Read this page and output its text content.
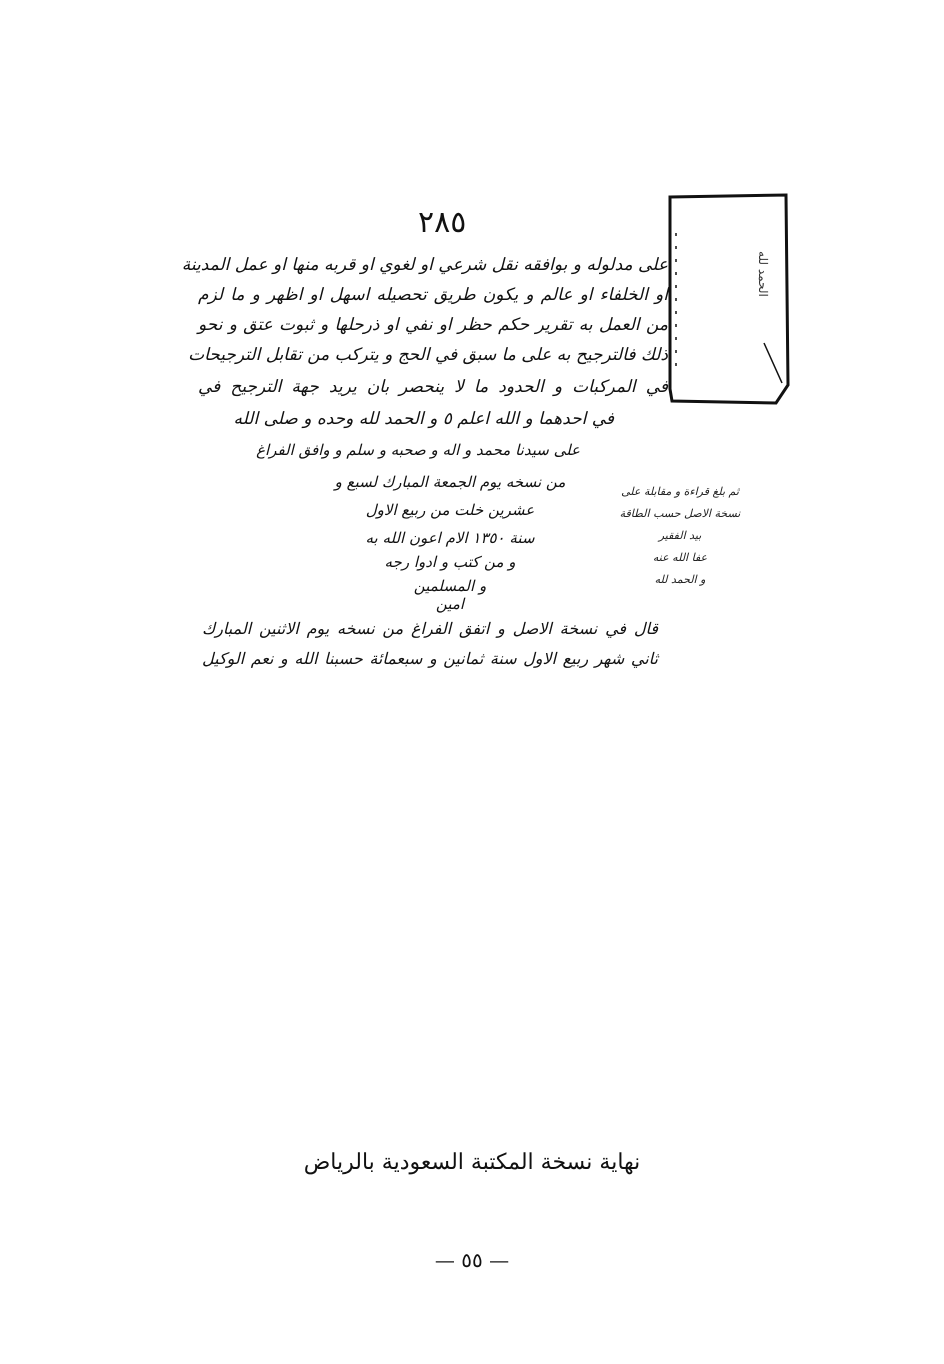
٢٨٥
الحمد لله
على مدلوله و بوافقه نقل شرعي او لغوي او قربه منها او عمل المدينة
او الخلفاء او عالم و يكون طريق تحصيله اسهل او اظهر و ما لزم
من العمل به تقرير حكم حظر او نفي او ذرحلها و ثبوت عتق و نحو
ذلك فالترجيح به على ما سبق في الحج و يتركب من تقابل الترجيحات
في المركبات و الحدود ما لا ينحصر بان يريد جهة الترجيح في
في احدهما و الله اعلم ٥ و الحمد لله وحده و صلى الله
على سيدنا محمد و اله و صحبه و سلم و وافق الفراغ
من نسخه يوم الجمعة المبارك لسبع و
عشرين خلت من ربيع الاول
سنة ١٣٥٠ الام اعون الله به
و من كتب و ادوا رجه
و المسلمين
امين
ثم بلغ قراءة و مقابلة على
نسخة الاصل حسب الطاقة
بيد الفقير
عفا الله عنه
و الحمد لله
قال في نسخة الاصل و اتفق الفراغ من نسخه يوم الاثنين المبارك
ثاني شهر ربيع الاول سنة ثمانين و سبعمائة حسبنا الله و نعم الوكيل
نهاية نسخة المكتبة السعودية بالرياض
— ٥٥ —
